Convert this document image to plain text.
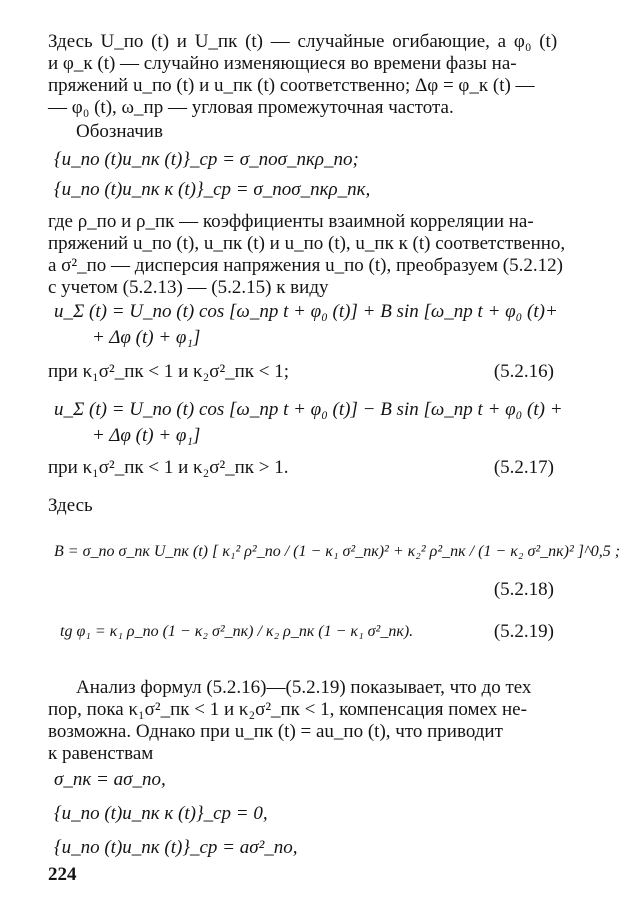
Здесь U_по (t) и U_пк (t) — случайные огибающие, а φ₀ (t)
и φ_к (t) — случайно изменяющиеся во времени фазы на-
пряжений u_по (t) и u_пк (t) соответственно; Δφ = φ_к (t) —
— φ₀ (t), ω_пр — угловая промежуточная частота.
Обозначив
{u_по (t)u_пк (t)}_ср = σ_поσ_пкρ_по;
{u_по (t)u_пк к (t)}_ср = σ_поσ_пкρ_пк,
где ρ_по и ρ_пк — коэффициенты взаимной корреляции на-
пряжений u_по (t), u_пк (t) и u_по (t), u_пк к (t) соответственно,
а σ²_по — дисперсия напряжения u_по (t), преобразуем (5.2.12)
с учетом (5.2.13) — (5.2.15) к виду
u_Σ (t) = U_по (t) cos [ω_пр t + φ₀ (t)] + B sin [ω_пр t + φ₀ (t)+
+ Δφ (t) + φ₁]
при κ₁σ²_пк < 1 и κ₂σ²_пк < 1;	(5.2.16)
u_Σ (t) = U_по (t) cos [ω_пр t + φ₀ (t)] − B sin [ω_пр t + φ₀ (t) +
+ Δφ (t) + φ₁]
при κ₁σ²_пк < 1 и κ₂σ²_пк > 1.	(5.2.17)
Здесь
B = σ_по σ_пк U_пк (t) [ κ₁² ρ²_по / (1 − κ₁ σ²_пк)² + κ₂² ρ²_пк / (1 − κ₂ σ²_пк)² ]^0,5 ;
(5.2.18)
tg φ₁ = κ₁ ρ_по (1 − κ₂ σ²_пк) / κ₂ ρ_пк (1 − κ₁ σ²_пк).	(5.2.19)
Анализ формул (5.2.16)—(5.2.19) показывает, что до тех
пор, пока κ₁σ²_пк < 1 и κ₂σ²_пк < 1, компенсация помех не-
возможна. Однако при u_пк (t) = au_по (t), что приводит
к равенствам
σ_пк = aσ_по,
{u_по (t)u_пк к (t)}_ср = 0,
{u_по (t)u_пк (t)}_ср = aσ²_по,
224
